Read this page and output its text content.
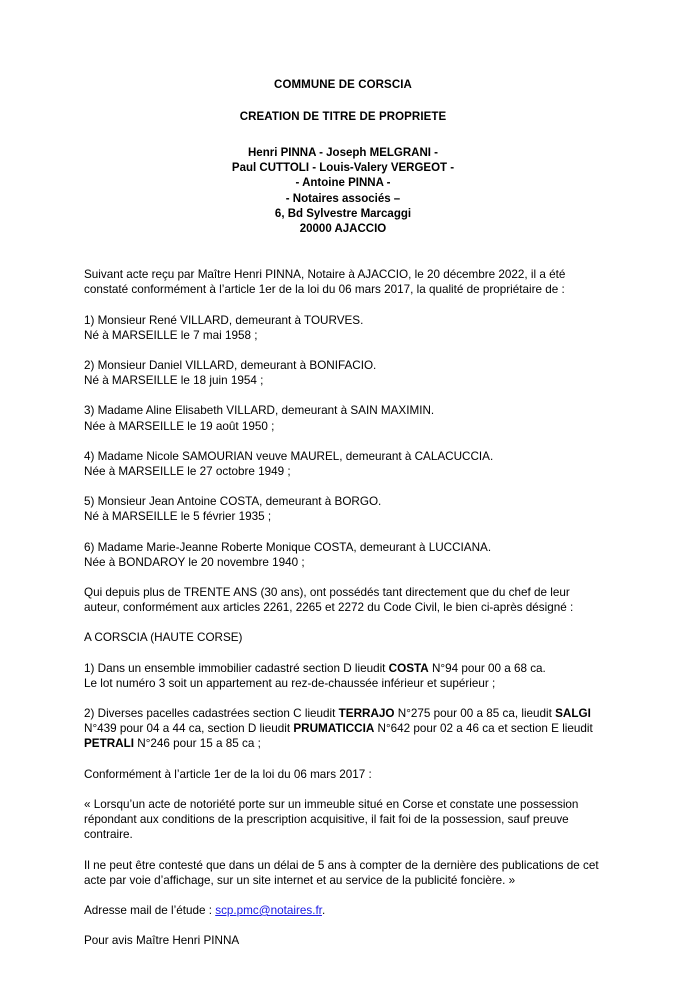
COMMUNE DE CORSCIA
CREATION DE TITRE DE PROPRIETE
Henri PINNA - Joseph MELGRANI -
Paul CUTTOLI - Louis-Valery VERGEOT -
- Antoine PINNA -
- Notaires associés –
6, Bd Sylvestre Marcaggi
20000 AJACCIO

Suivant acte reçu par Maître Henri PINNA, Notaire à AJACCIO, le 20 décembre 2022, il a été
constaté conformément à l’article 1er de la loi du 06 mars 2017, la qualité de propriétaire de :

1) Monsieur René VILLARD, demeurant à TOURVES.
Né à MARSEILLE le 7 mai 1958 ;

2) Monsieur Daniel VILLARD, demeurant à BONIFACIO.
Né à MARSEILLE le 18 juin 1954 ;

3) Madame Aline Elisabeth VILLARD, demeurant à SAIN MAXIMIN.
Née à MARSEILLE le 19 août 1950 ;

4) Madame Nicole SAMOURIAN veuve MAUREL, demeurant à CALACUCCIA.
Née à MARSEILLE le 27 octobre 1949 ;

5) Monsieur Jean Antoine COSTA, demeurant à BORGO.
Né à MARSEILLE le 5 février 1935 ;

6) Madame Marie-Jeanne Roberte Monique COSTA, demeurant à LUCCIANA.
Née à BONDAROY le 20 novembre 1940 ;

Qui depuis plus de TRENTE ANS (30 ans), ont possédés tant directement que du chef de leur
auteur, conformément aux articles 2261, 2265 et 2272 du Code Civil, le bien ci-après désigné :

A CORSCIA (HAUTE CORSE)

1) Dans un ensemble immobilier cadastré section D lieudit COSTA N°94 pour 00 a 68 ca.
Le lot numéro 3 soit un appartement au rez-de-chaussée inférieur et supérieur ;

2) Diverses pacelles cadastrées section C lieudit TERRAJO N°275 pour 00 a 85 ca, lieudit SALGI N°439 pour 04 a 44 ca, section D lieudit PRUMATICCIA N°642 pour 02 a 46 ca et section E lieudit PETRALI N°246 pour 15 a 85 ca ;

Conformément à l’article 1er de la loi du 06 mars 2017 :

« Lorsqu’un acte de notoriété porte sur un immeuble situé en Corse et constate une possession
répondant aux conditions de la prescription acquisitive, il fait foi de la possession, sauf preuve
contraire.

Il ne peut être contesté que dans un délai de 5 ans à compter de la dernière des publications de cet
acte par voie d’affichage, sur un site internet et au service de la publicité foncière. »

Adresse mail de l’étude : scp.pmc@notaires.fr.

Pour avis Maître Henri PINNA
